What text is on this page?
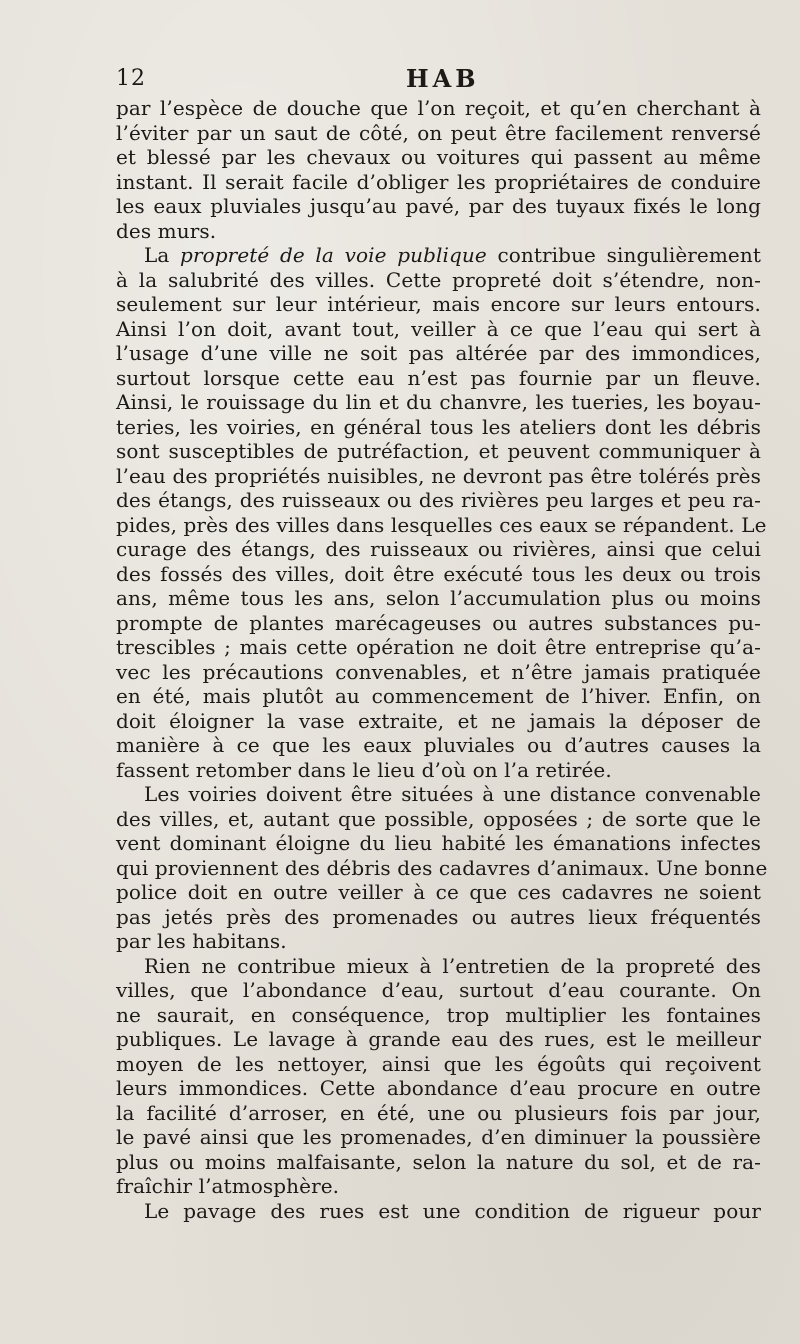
12	HAB
par l’espèce de douche que l’on reçoit, et qu’en cherchant à
l’éviter par un saut de côté, on peut être facilement renversé
et blessé par les chevaux ou voitures qui passent au même
instant. Il serait facile d’obliger les propriétaires de conduire
les eaux pluviales jusqu’au pavé, par des tuyaux fixés le long
des murs.
La propreté de la voie publique contribue singulièrement
à la salubrité des villes. Cette propreté doit s’étendre, non-
seulement sur leur intérieur, mais encore sur leurs entours.
Ainsi l’on doit, avant tout, veiller à ce que l’eau qui sert à
l’usage d’une ville ne soit pas altérée par des immondices,
surtout lorsque cette eau n’est pas fournie par un fleuve.
Ainsi, le rouissage du lin et du chanvre, les tueries, les boyau-
teries, les voiries, en général tous les ateliers dont les débris
sont susceptibles de putréfaction, et peuvent communiquer à
l’eau des propriétés nuisibles, ne devront pas être tolérés près
des étangs, des ruisseaux ou des rivières peu larges et peu ra-
pides, près des villes dans lesquelles ces eaux se répandent. Le
curage des étangs, des ruisseaux ou rivières, ainsi que celui
des fossés des villes, doit être exécuté tous les deux ou trois
ans, même tous les ans, selon l’accumulation plus ou moins
prompte de plantes marécageuses ou autres substances pu-
trescibles ; mais cette opération ne doit être entreprise qu’a-
vec les précautions convenables, et n’être jamais pratiquée
en été, mais plutôt au commencement de l’hiver. Enfin, on
doit éloigner la vase extraite, et ne jamais la déposer de
manière à ce que les eaux pluviales ou d’autres causes la
fassent retomber dans le lieu d’où on l’a retirée.
Les voiries doivent être situées à une distance convenable
des villes, et, autant que possible, opposées ; de sorte que le
vent dominant éloigne du lieu habité les émanations infectes
qui proviennent des débris des cadavres d’animaux. Une bonne
police doit en outre veiller à ce que ces cadavres ne soient
pas jetés près des promenades ou autres lieux fréquentés
par les habitans.
Rien ne contribue mieux à l’entretien de la propreté des
villes, que l’abondance d’eau, surtout d’eau courante. On
ne saurait, en conséquence, trop multiplier les fontaines
publiques. Le lavage à grande eau des rues, est le meilleur
moyen de les nettoyer, ainsi que les égoûts qui reçoivent
leurs immondices. Cette abondance d’eau procure en outre
la facilité d’arroser, en été, une ou plusieurs fois par jour,
le pavé ainsi que les promenades, d’en diminuer la poussière
plus ou moins malfaisante, selon la nature du sol, et de ra-
fraîchir l’atmosphère.
Le pavage des rues est une condition de rigueur pour
